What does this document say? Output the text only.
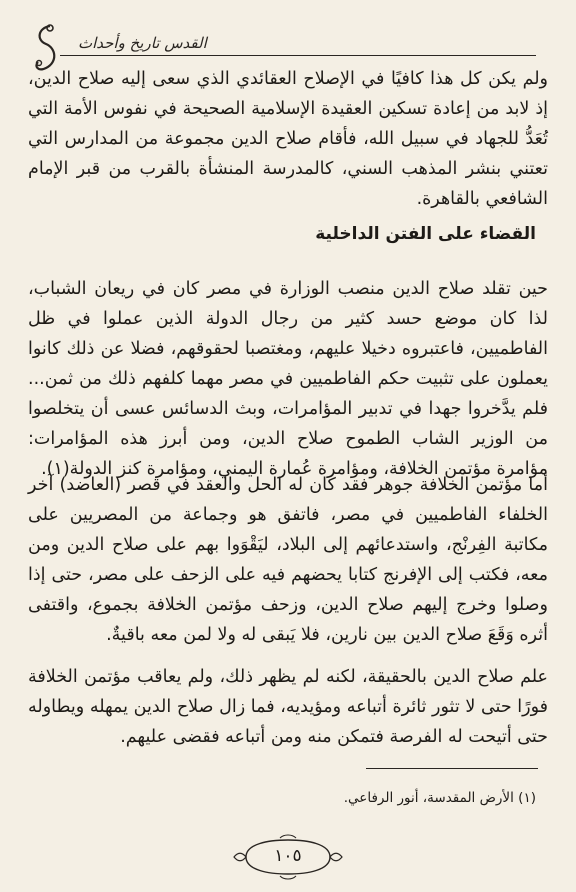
القدس تاريخ وأحداث

ولم يكن كل هذا كافيًا في الإصلاح العقائدي الذي سعى إليه صلاح الدين، إذ لابد من إعادة تسكين العقيدة الإسلامية الصحيحة في نفوس الأمة التي تُعَدُّ للجهاد في سبيل الله، فأقام صلاح الدين مجموعة من المدارس التي تعتني بنشر المذهب السني، كالمدرسة المنشأة بالقرب من قبر الإمام الشافعي بالقاهرة.

القضاء على الفتن الداخلية

حين تقلد صلاح الدين منصب الوزارة في مصر كان في ريعان الشباب، لذا كان موضع حسد كثير من رجال الدولة الذين عملوا في ظل الفاطميين، فاعتبروه دخيلا عليهم، ومغتصبا لحقوقهم، فضلا عن ذلك كانوا يعملون على تثبيت حكم الفاطميين في مصر مهما كلفهم ذلك من ثمن... فلم يدَّخروا جهدا في تدبير المؤامرات، وبث الدسائس عسى أن يتخلصوا من الوزير الشاب الطموح صلاح الدين، ومن أبرز هذه المؤامرات: مؤامرة مؤتمن الخلافة، ومؤامرة عُمارة اليمني، ومؤامرة كنز الدولة(١).

أما مؤتمن الخلافة جوهر فقد كان له الحل والعقد في قصر (العاضد) آخر الخلفاء الفاطميين في مصر، فاتفق هو وجماعة من المصريين على مكاتبة الفِرنْج، واستدعائهم إلى البلاد، ليَقْوَوا بهم على صلاح الدين ومن معه، فكتب إلى الإفرنج كتابا يحضهم فيه على الزحف على مصر، حتى إذا وصلوا وخرج إليهم صلاح الدين، وزحف مؤتمن الخلافة بجموع، واقتفى أثره وَقَعَ صلاح الدين بين نارين، فلا يَبقى له ولا لمن معه باقيةٌ.

علم صلاح الدين بالحقيقة، لكنه لم يظهر ذلك، ولم يعاقب مؤتمن الخلافة فورًا حتى لا تثور ثائرة أتباعه ومؤيديه، فما زال صلاح الدين يمهله ويطاوله حتى أتيحت له الفرصة فتمكن منه ومن أتباعه فقضى عليهم.

(١) الأرض المقدسة، أنور الرفاعي.
١٠٥
